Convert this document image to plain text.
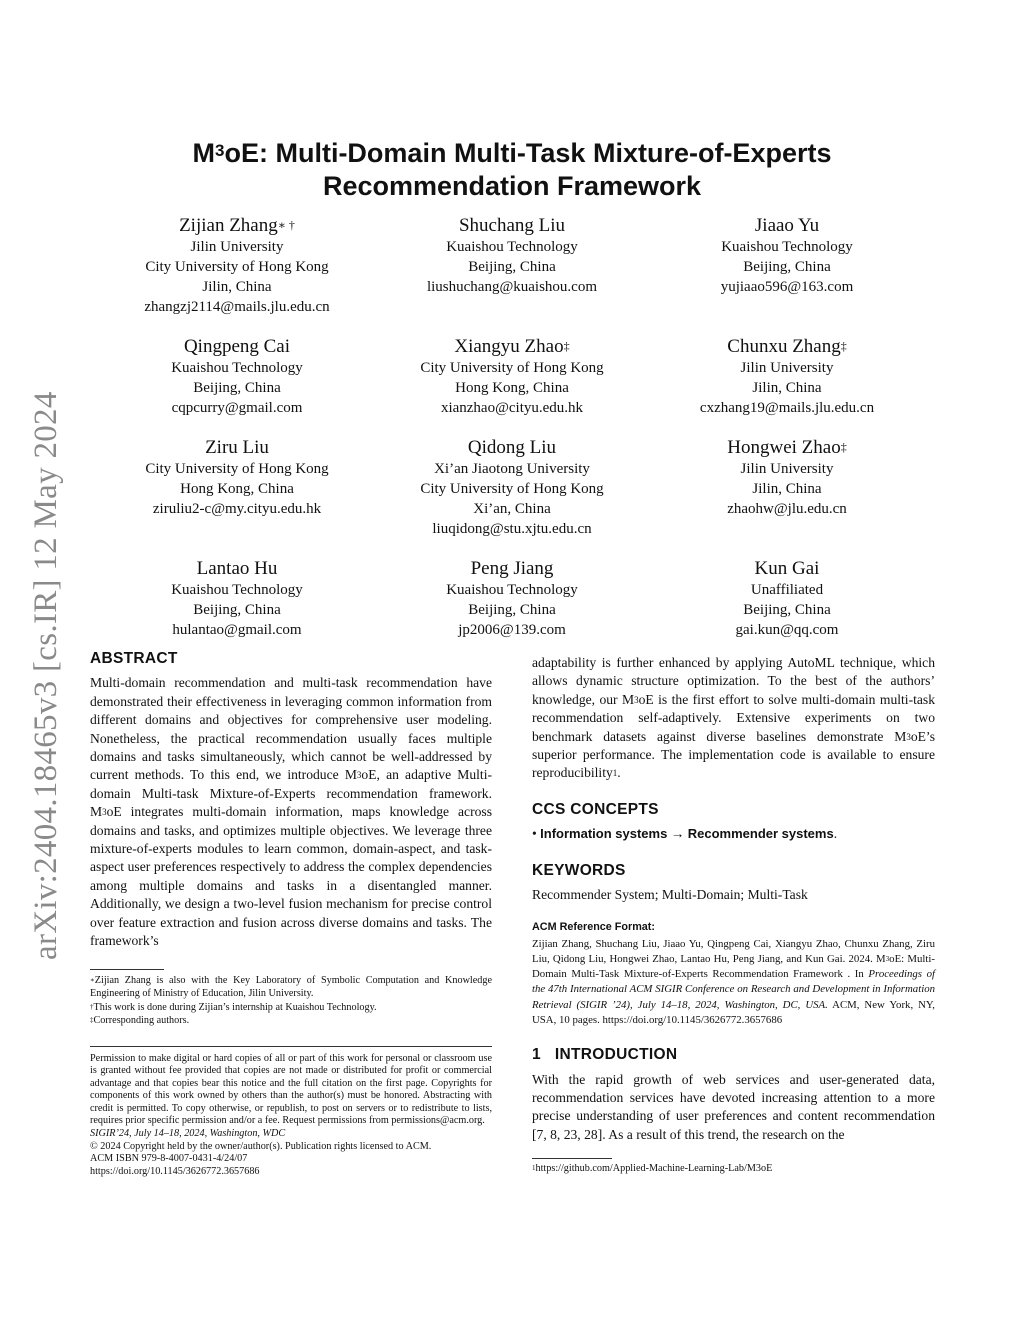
arXiv:2404.18465v3 [cs.IR] 12 May 2024
$M^3oE$: Multi-Domain Multi-Task Mixture-of-Experts
Recommendation Framework
Zijian Zhang∗ †
Jilin University
City University of Hong Kong
Jilin, China
zhangzj2114@mails.jlu.edu.cn
Shuchang Liu
Kuaishou Technology
Beijing, China
liushuchang@kuaishou.com
Jiaao Yu
Kuaishou Technology
Beijing, China
yujiaao596@163.com
Qingpeng Cai
Kuaishou Technology
Beijing, China
cqpcurry@gmail.com
Xiangyu Zhao‡
City University of Hong Kong
Hong Kong, China
xianzhao@cityu.edu.hk
Chunxu Zhang‡
Jilin University
Jilin, China
cxzhang19@mails.jlu.edu.cn
Ziru Liu
City University of Hong Kong
Hong Kong, China
ziruliu2-c@my.cityu.edu.hk
Qidong Liu
Xi’an Jiaotong University
City University of Hong Kong
Xi’an, China
liuqidong@stu.xjtu.edu.cn
Hongwei Zhao‡
Jilin University
Jilin, China
zhaohw@jlu.edu.cn
Lantao Hu
Kuaishou Technology
Beijing, China
hulantao@gmail.com
Peng Jiang
Kuaishou Technology
Beijing, China
jp2006@139.com
Kun Gai
Unaffiliated
Beijing, China
gai.kun@qq.com
ABSTRACT

Multi-domain recommendation and multi-task recommendation have demonstrated their effectiveness in leveraging common information from different domains and objectives for comprehensive user modeling. Nonetheless, the practical recommendation usually faces multiple domains and tasks simultaneously, which cannot be well-addressed by current methods. To this end, we introduce $M^3oE$, an adaptive Multi-domain Multi-task Mixture-of-Experts recommendation framework. $M^3oE$ integrates multi-domain information, maps knowledge across domains and tasks, and optimizes multiple objectives. We leverage three mixture-of-experts modules to learn common, domain-aspect, and task-aspect user preferences respectively to address the complex dependencies among multiple domains and tasks in a disentangled manner. Additionally, we design a two-level fusion mechanism for precise control over feature extraction and fusion across diverse domains and tasks. The framework’s

∗Zijian Zhang is also with the Key Laboratory of Symbolic Computation and Knowledge Engineering of Ministry of Education, Jilin University.
†This work is done during Zijian’s internship at Kuaishou Technology.
‡Corresponding authors.
Permission to make digital or hard copies of all or part of this work for personal or classroom use is granted without fee provided that copies are not made or distributed for profit or commercial advantage and that copies bear this notice and the full citation on the first page. Copyrights for components of this work owned by others than the author(s) must be honored. Abstracting with credit is permitted. To copy otherwise, or republish, to post on servers or to redistribute to lists, requires prior specific permission and/or a fee. Request permissions from permissions@acm.org.
SIGIR’24, July 14–18, 2024, Washington, WDC
© 2024 Copyright held by the owner/author(s). Publication rights licensed to ACM.
ACM ISBN 979-8-4007-0431-4/24/07
https://doi.org/10.1145/3626772.3657686

adaptability is further enhanced by applying AutoML technique, which allows dynamic structure optimization. To the best of the authors’ knowledge, our $M^3oE$ is the first effort to solve multi-domain multi-task recommendation self-adaptively. Extensive experiments on two benchmark datasets against diverse baselines demonstrate $M^3oE’s$ superior performance. The implementation code is available to ensure reproducibility$^1$.

CCS CONCEPTS
• Information systems → Recommender systems.
KEYWORDS
Recommender System; Multi-Domain; Multi-Task
ACM Reference Format:
Zijian Zhang, Shuchang Liu, Jiaao Yu, Qingpeng Cai, Xiangyu Zhao, Chunxu Zhang, Ziru Liu, Qidong Liu, Hongwei Zhao, Lantao Hu, Peng Jiang, and Kun Gai. 2024. $M^3oE$: Multi-Domain Multi-Task Mixture-of-Experts Recommendation Framework . In Proceedings of the 47th International ACM SIGIR Conference on Research and Development in Information Retrieval (SIGIR ’24), July 14–18, 2024, Washington, DC, USA. ACM, New York, NY, USA, 10 pages. https://doi.org/10.1145/3626772.3657686
1 INTRODUCTION

With the rapid growth of web services and user-generated data, recommendation services have devoted increasing attention to a more precise understanding of user preferences and content recommendation [7, 8, 23, 28]. As a result of this trend, the research on the

$^1$https://github.com/Applied-Machine-Learning-Lab/M3oE
